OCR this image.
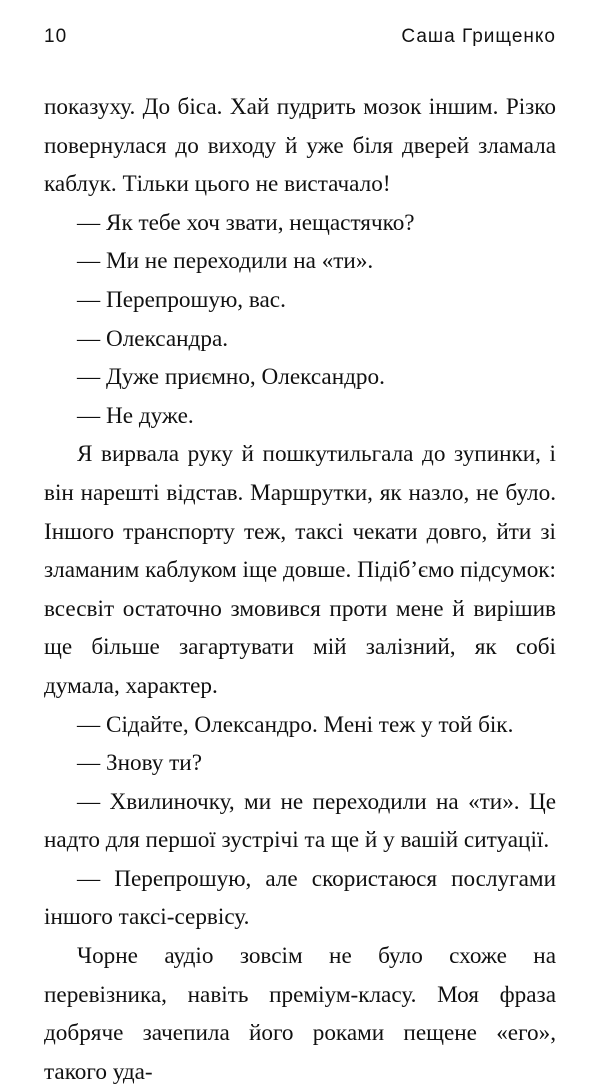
10	Саша Грищенко

показуху. До біса. Хай пудрить мозок іншим. Різко повернулася до виходу й уже біля дверей зламала каблук. Тільки цього не вистачало!

— Як тебе хоч звати, нещастячко?

— Ми не переходили на «ти».

— Перепрошую, вас.

— Олександра.

— Дуже приємно, Олександро.

— Не дуже.

Я вирвала руку й пошкутильгала до зупинки, і він нарешті відстав. Маршрутки, як назло, не було. Іншого транспорту теж, таксі чекати довго, йти зі зламаним каблуком іще довше. Підіб’ємо підсумок: всесвіт остаточно змовився проти мене й вирішив ще більше загартувати мій залізний, як собі думала, характер.

— Сідайте, Олександро. Мені теж у той бік.

— Знову ти?

— Хвилиночку, ми не переходили на «ти». Це надто для першої зустрічі та ще й у вашій ситуації.

— Перепрошую, але скористаюся послугами іншого таксі-сервісу.

Чорне аудіо зовсім не було схоже на перевізника, навіть преміум-класу. Моя фраза добряче зачепила його роками пещене «его», такого уда-
